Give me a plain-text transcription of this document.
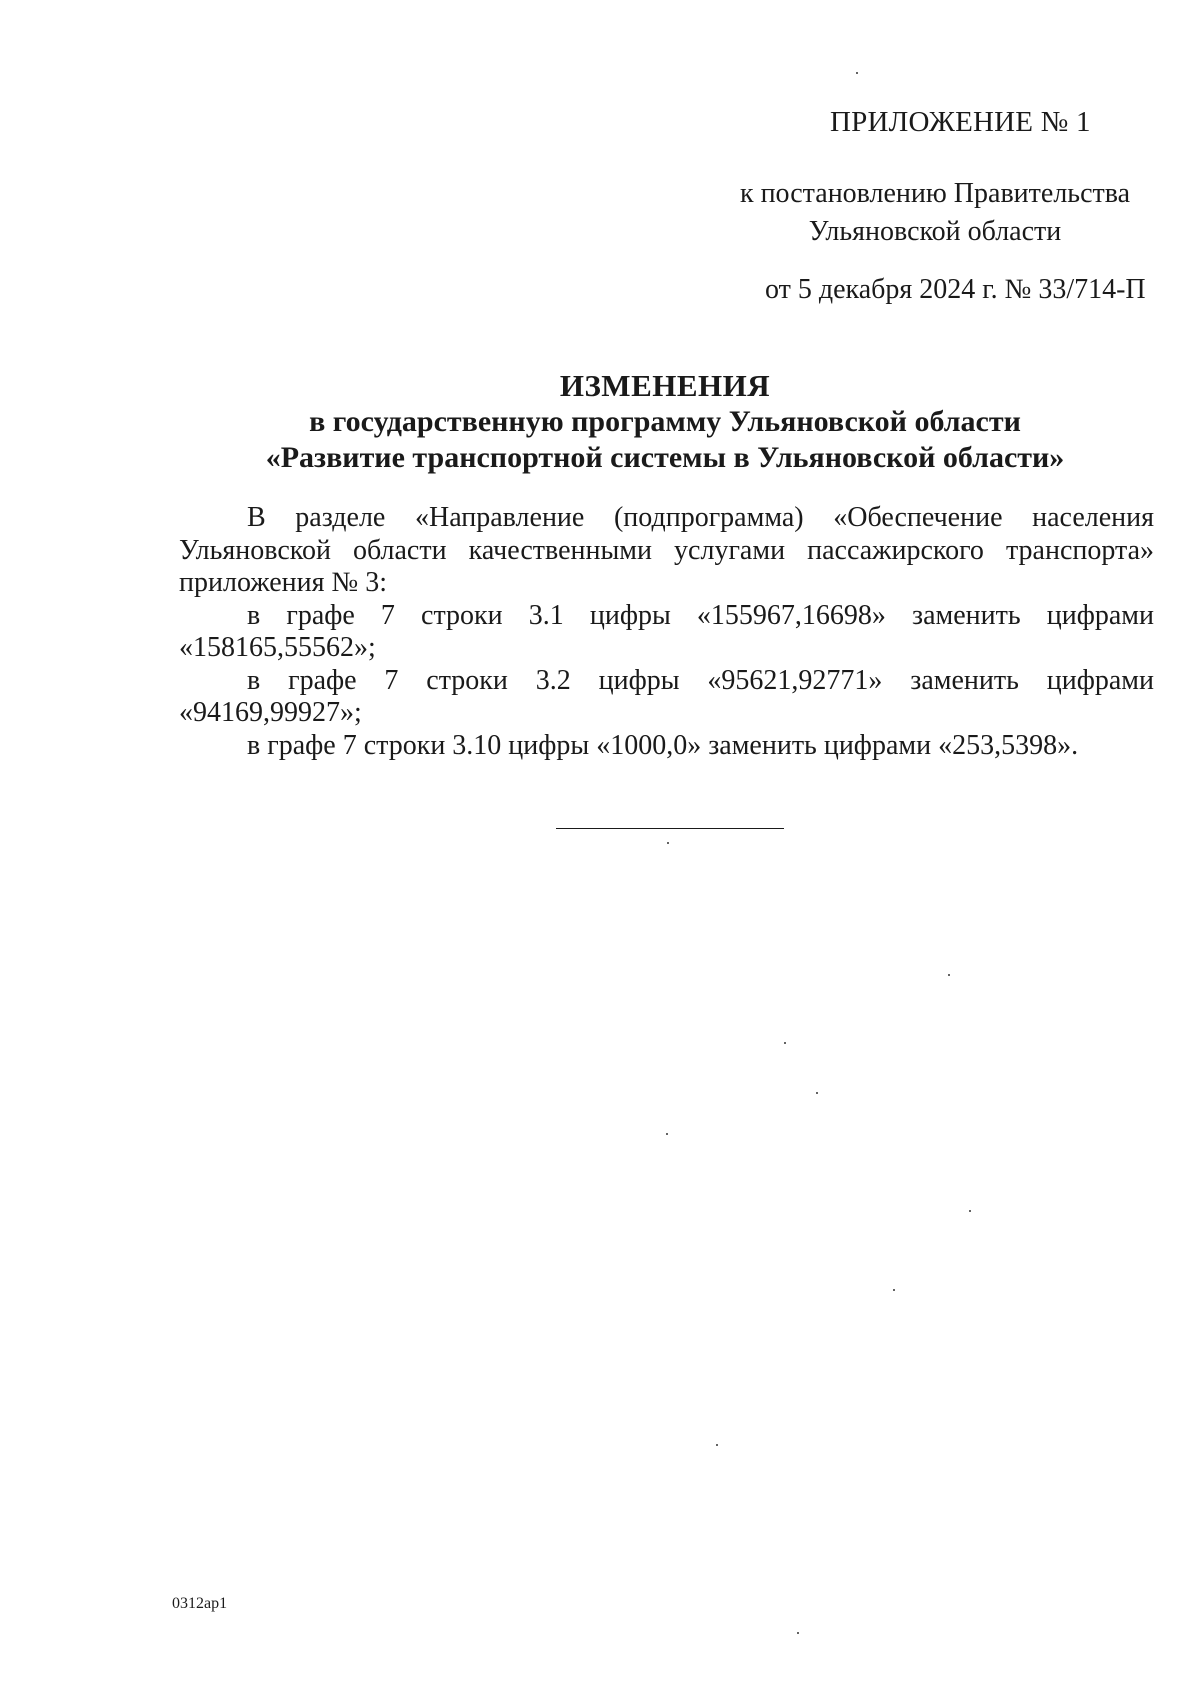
ПРИЛОЖЕНИЕ № 1
к постановлению Правительства
Ульяновской области
от 5 декабря 2024 г. № 33/714-П
ИЗМЕНЕНИЯ
в государственную программу Ульяновской области
«Развитие транспортной системы в Ульяновской области»

В разделе «Направление (подпрограмма) «Обеспечение населения

Ульяновской области качественными услугами пассажирского транспорта»

приложения № 3:

в графе 7 строки 3.1 цифры «155967,16698» заменить цифрами

«158165,55562»;

в графе 7 строки 3.2 цифры «95621,92771» заменить цифрами

«94169,99927»;

в графе 7 строки 3.10 цифры «1000,0» заменить цифрами «253,5398».

0312ap1
